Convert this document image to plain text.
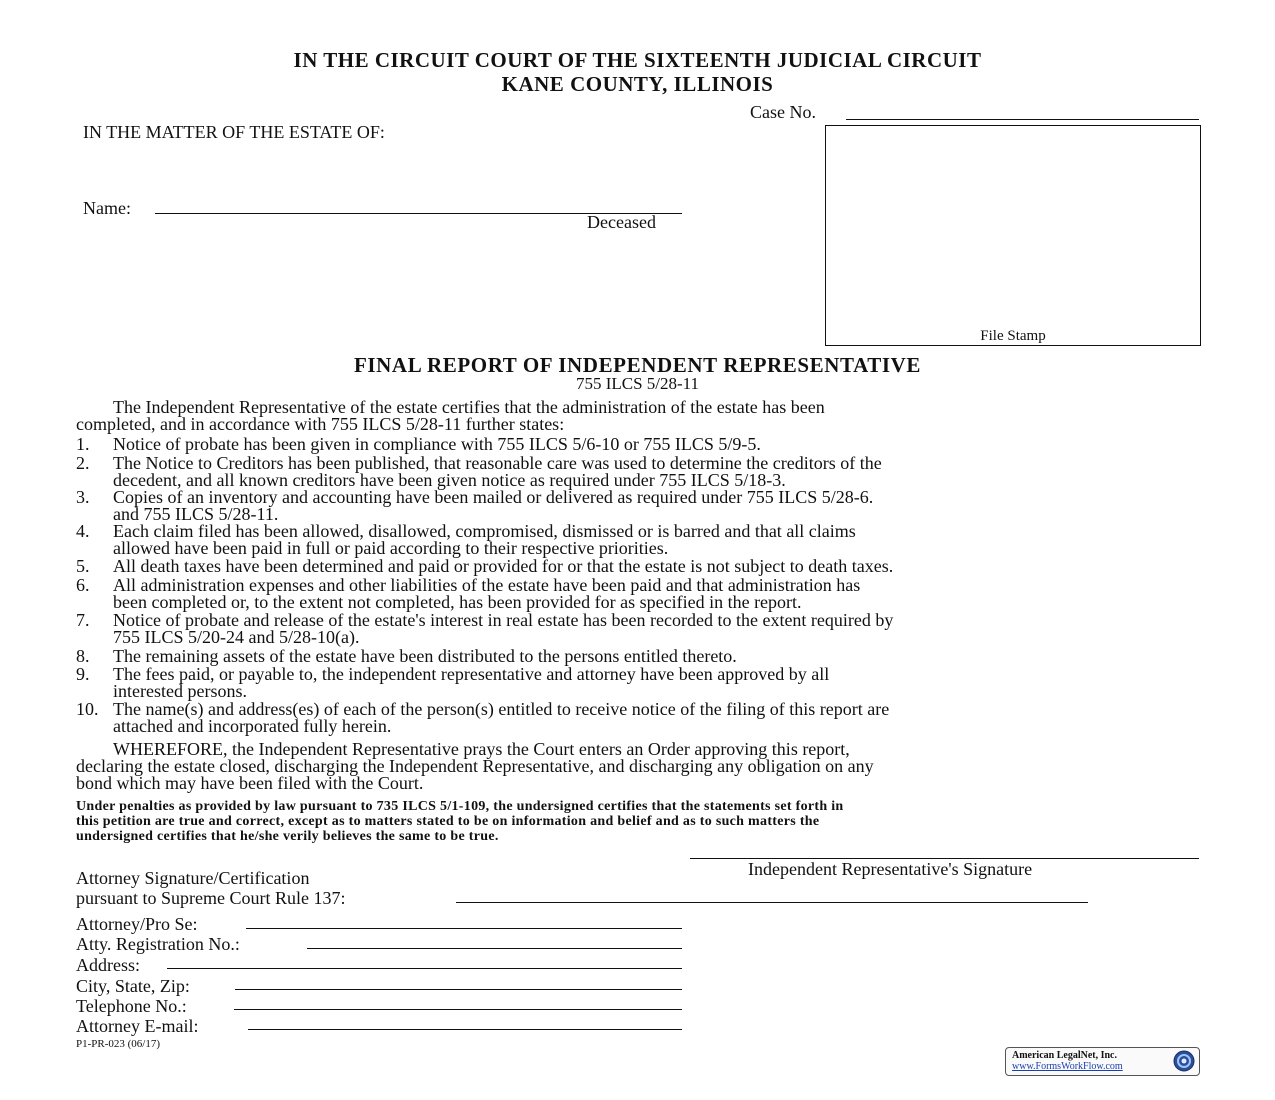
IN THE CIRCUIT COURT OF THE SIXTEENTH JUDICIAL CIRCUIT
KANE COUNTY, ILLINOIS
Case No.
IN THE MATTER OF THE ESTATE OF:
Name:
Deceased
File Stamp
FINAL REPORT OF INDEPENDENT REPRESENTATIVE
755 ILCS 5/28-11
The Independent Representative of the estate certifies that the administration of the estate has been
completed, and in accordance with 755 ILCS 5/28-11 further states:
1. Notice of probate has been given in compliance with 755 ILCS 5/6-10 or 755 ILCS 5/9-5.
2. The Notice to Creditors has been published, that reasonable care was used to determine the creditors of the
decedent, and all known creditors have been given notice as required under 755 ILCS 5/18-3.
3. Copies of an inventory and accounting have been mailed or delivered as required under 755 ILCS 5/28-6.
and 755 ILCS 5/28-11.
4. Each claim filed has been allowed, disallowed, compromised, dismissed or is barred and that all claims
allowed have been paid in full or paid according to their respective priorities.
5. All death taxes have been determined and paid or provided for or that the estate is not subject to death taxes.
6. All administration expenses and other liabilities of the estate have been paid and that administration has
been completed or, to the extent not completed, has been provided for as specified in the report.
7. Notice of probate and release of the estate's interest in real estate has been recorded to the extent required by
755 ILCS 5/20-24 and 5/28-10(a).
8. The remaining assets of the estate have been distributed to the persons entitled thereto.
9. The fees paid, or payable to, the independent representative and attorney have been approved by all
interested persons.
10. The name(s) and address(es) of each of the person(s) entitled to receive notice of the filing of this report are
attached and incorporated fully herein.
WHEREFORE, the Independent Representative prays the Court enters an Order approving this report,
declaring the estate closed, discharging the Independent Representative, and discharging any obligation on any
bond which may have been filed with the Court.
Under penalties as provided by law pursuant to 735 ILCS 5/1-109, the undersigned certifies that the statements set forth in
this petition are true and correct, except as to matters stated to be on information and belief and as to such matters the
undersigned certifies that he/she verily believes the same to be true.
Independent Representative's Signature
Attorney Signature/Certification
pursuant to Supreme Court Rule 137:
Attorney/Pro Se:
Atty. Registration No.:
Address:
City, State, Zip:
Telephone No.:
Attorney E-mail:
P1-PR-023 (06/17)
American LegalNet, Inc.
www.FormsWorkFlow.com
